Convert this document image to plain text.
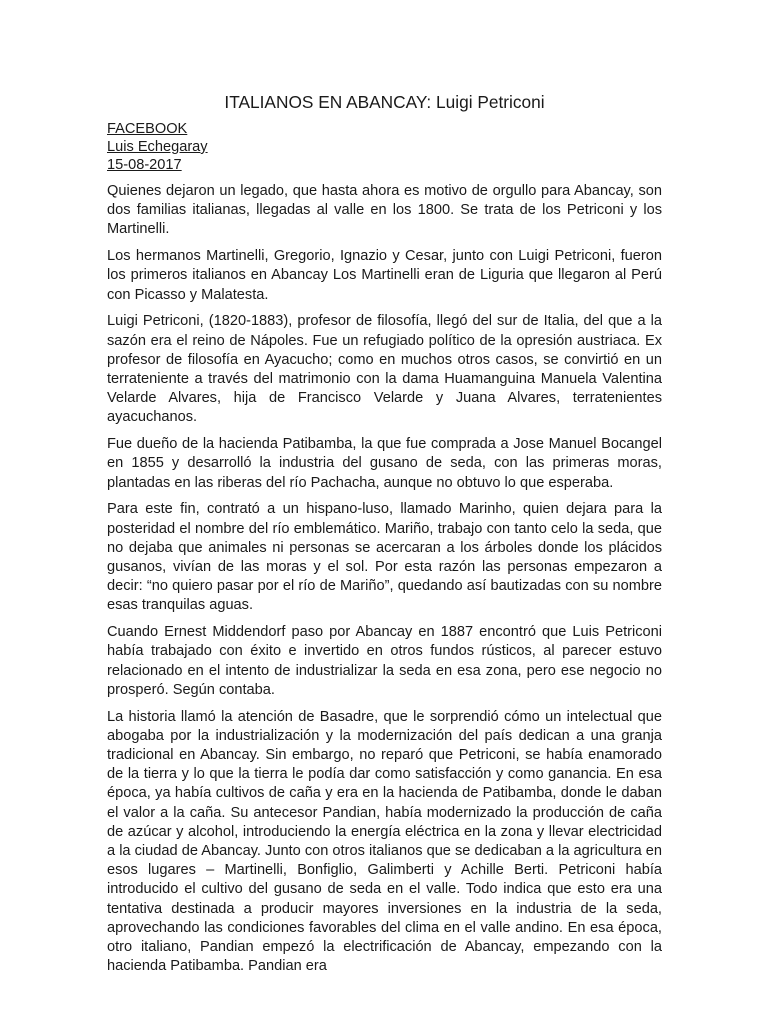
ITALIANOS EN ABANCAY: Luigi Petriconi

FACEBOOK

Luis Echegaray

15-08-2017

Quienes dejaron un legado, que hasta ahora es motivo de orgullo para Abancay, son dos familias italianas, llegadas al valle en los 1800. Se trata de los Petriconi y los Martinelli.

Los hermanos Martinelli, Gregorio, Ignazio y Cesar, junto con Luigi Petriconi, fueron los primeros italianos en Abancay Los Martinelli eran de Liguria que llegaron al Perú con Picasso y Malatesta.

Luigi Petriconi, (1820-1883), profesor de filosofía, llegó del sur de Italia, del que a la sazón era el reino de Nápoles. Fue un refugiado político de la opresión austriaca. Ex profesor de filosofía en Ayacucho; como en muchos otros casos, se convirtió en un terrateniente a través del matrimonio con la dama Huamanguina Manuela Valentina Velarde Alvares, hija de Francisco Velarde y Juana Alvares, terratenientes ayacuchanos.

Fue dueño de la hacienda Patibamba, la que fue comprada a Jose Manuel Bocangel en 1855 y desarrolló la industria del gusano de seda, con las primeras moras, plantadas en las riberas del río Pachacha, aunque no obtuvo lo que esperaba.

Para este fin, contrató a un hispano-luso, llamado Marinho, quien dejara para la posteridad el nombre del río emblemático. Mariño, trabajo con tanto celo la seda, que no dejaba que animales ni personas se acercaran a los árboles donde los plácidos gusanos, vivían de las moras y el sol. Por esta razón las personas empezaron a decir: “no quiero pasar por el río de Mariño”, quedando así bautizadas con su nombre esas tranquilas aguas.

Cuando Ernest Middendorf paso por Abancay en 1887 encontró que Luis Petriconi había trabajado con éxito e invertido en otros fundos rústicos, al parecer estuvo relacionado en el intento de industrializar la seda en esa zona, pero ese negocio no prosperó. Según contaba.

La historia llamó la atención de Basadre, que le sorprendió cómo un intelectual que abogaba por la industrialización y la modernización del país dedican a una granja tradicional en Abancay. Sin embargo, no reparó que Petriconi, se había enamorado de la tierra y lo que la tierra le podía dar como satisfacción y como ganancia. En esa época, ya había cultivos de caña y era en la hacienda de Patibamba, donde le daban el valor a la caña. Su antecesor Pandian, había modernizado la producción de caña de azúcar y alcohol, introduciendo la energía eléctrica en la zona y llevar electricidad a la ciudad de Abancay. Junto con otros italianos que se dedicaban a la agricultura en esos lugares – Martinelli, Bonfiglio, Galimberti y Achille Berti. Petriconi había introducido el cultivo del gusano de seda en el valle. Todo indica que esto era una tentativa destinada a producir mayores inversiones en la industria de la seda, aprovechando las condiciones favorables del clima en el valle andino. En esa época, otro italiano, Pandian empezó la electrificación de Abancay, empezando con la hacienda Patibamba. Pandian era
